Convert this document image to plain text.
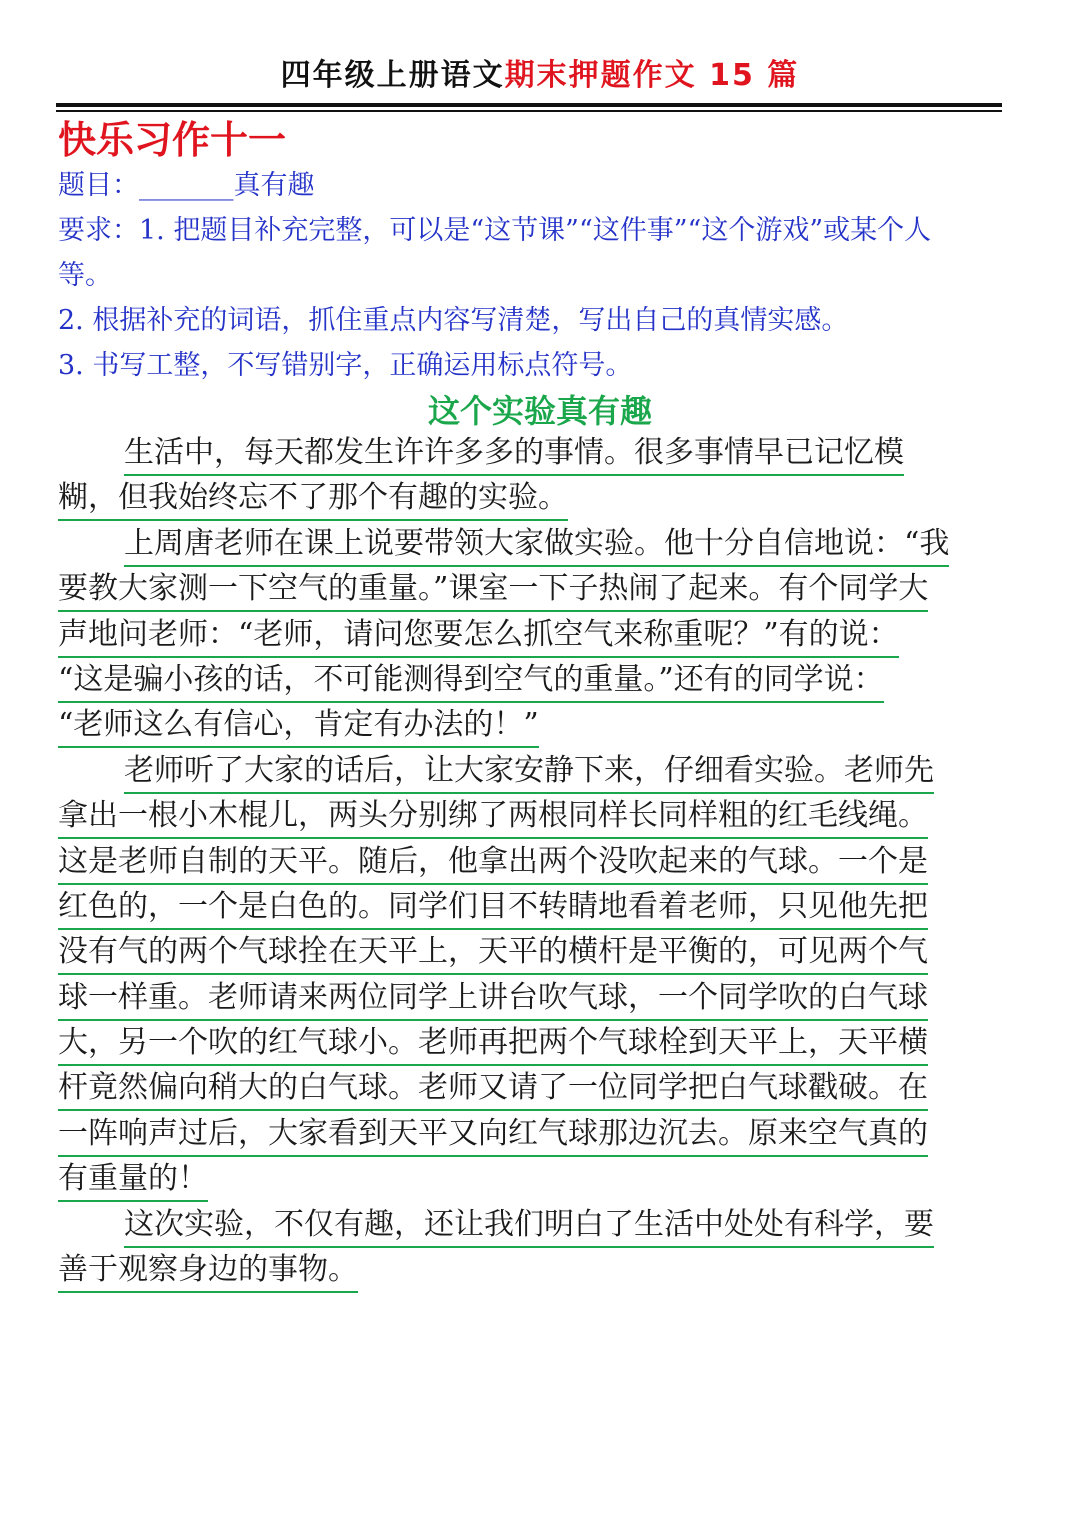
四年级上册语文期末押题作文 15 篇
快乐习作十一
题目：_______真有趣
要求：1. 把题目补充完整，可以是“这节课”“这件事”“这个游戏”或某个人
等。
2. 根据补充的词语，抓住重点内容写清楚，写出自己的真情实感。
3. 书写工整，不写错别字，正确运用标点符号。
这个实验真有趣
生活中，每天都发生许许多多的事情。很多事情早已记忆模
糊，但我始终忘不了那个有趣的实验。
上周唐老师在课上说要带领大家做实验。他十分自信地说：“我
要教大家测一下空气的重量。”课室一下子热闹了起来。有个同学大
声地问老师：“老师，请问您要怎么抓空气来称重呢？”有的说：
“这是骗小孩的话，不可能测得到空气的重量。”还有的同学说：
“老师这么有信心，肯定有办法的！”
老师听了大家的话后，让大家安静下来，仔细看实验。老师先
拿出一根小木棍儿，两头分别绑了两根同样长同样粗的红毛线绳。
这是老师自制的天平。随后，他拿出两个没吹起来的气球。一个是
红色的，一个是白色的。同学们目不转睛地看着老师，只见他先把
没有气的两个气球拴在天平上，天平的横杆是平衡的，可见两个气
球一样重。老师请来两位同学上讲台吹气球，一个同学吹的白气球
大，另一个吹的红气球小。老师再把两个气球栓到天平上，天平横
杆竟然偏向稍大的白气球。老师又请了一位同学把白气球戳破。在
一阵响声过后，大家看到天平又向红气球那边沉去。原来空气真的
有重量的！
这次实验，不仅有趣，还让我们明白了生活中处处有科学，要
善于观察身边的事物。
